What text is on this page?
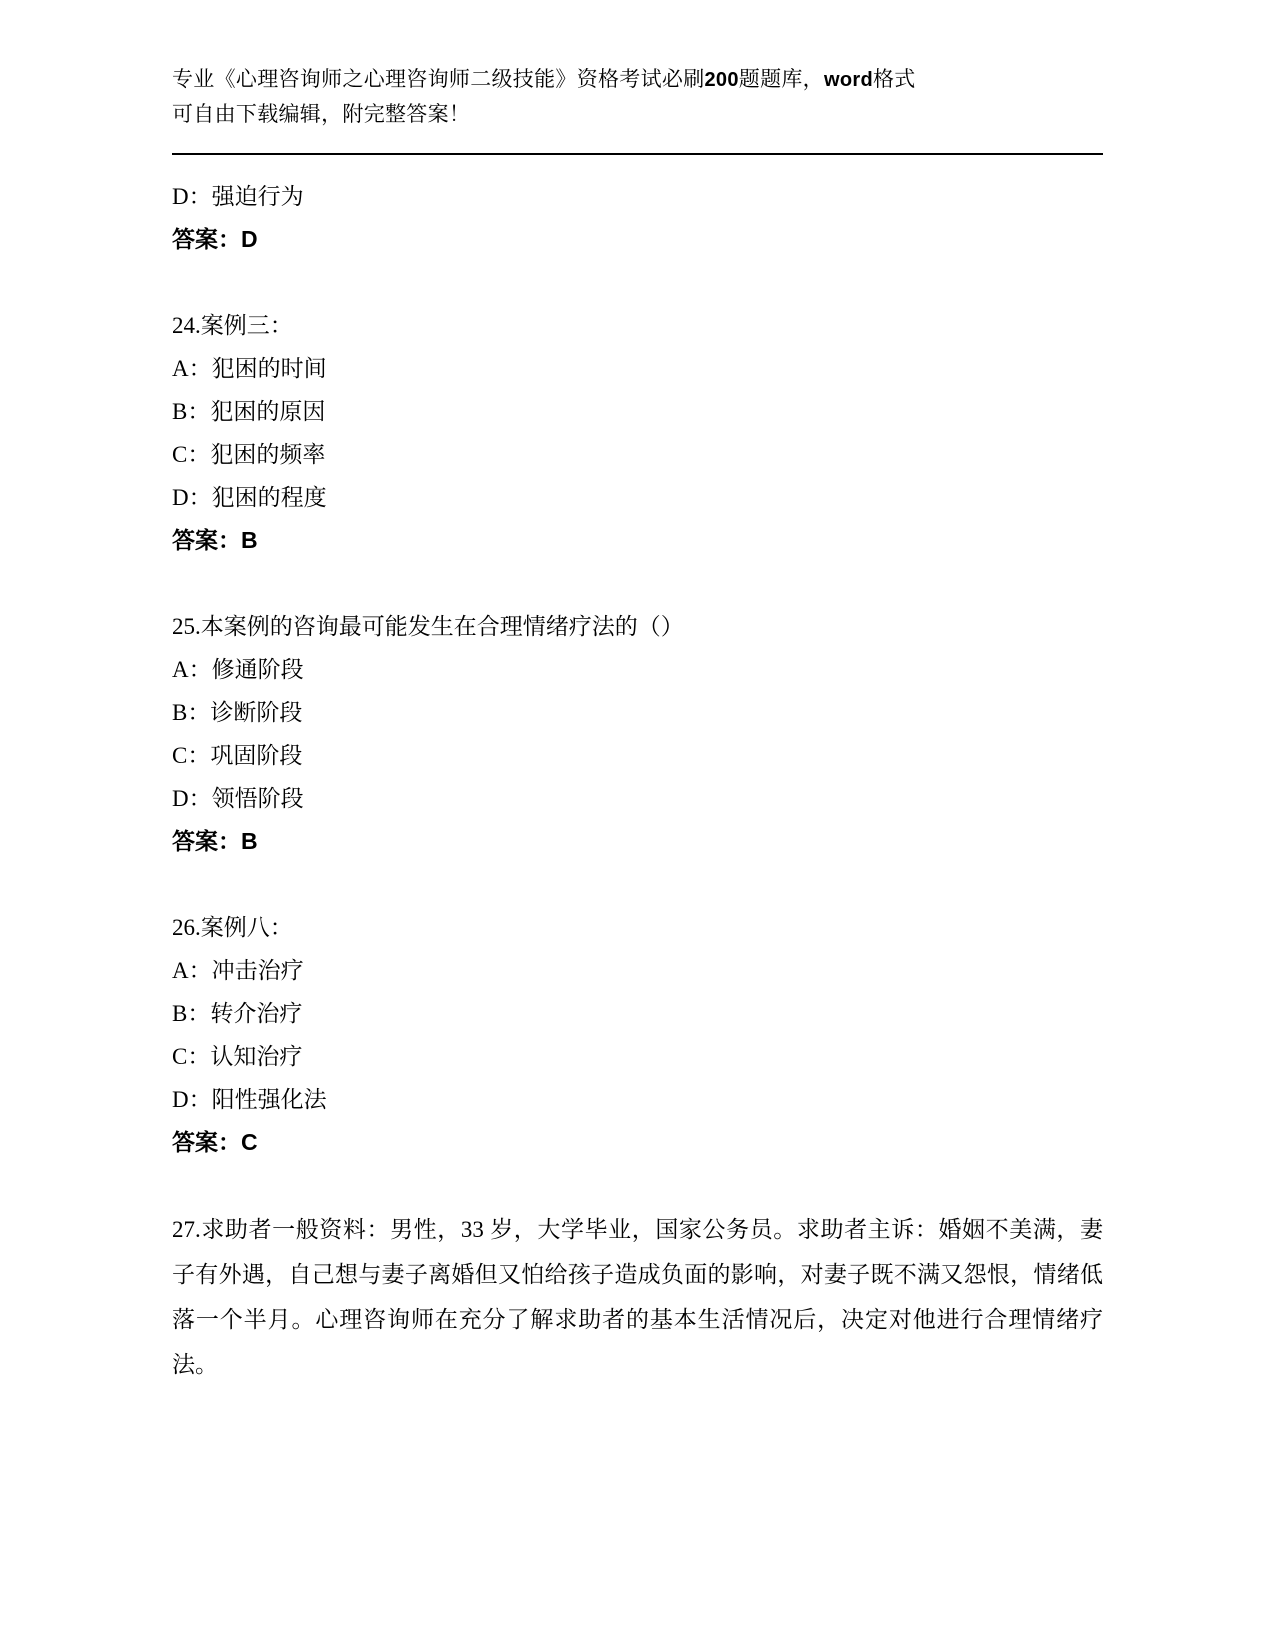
专业《心理咨询师之心理咨询师二级技能》资格考试必刷200题题库，word格式
可自由下载编辑，附完整答案！
D：强迫行为
答案：D
24.案例三：
A：犯困的时间
B：犯困的原因
C：犯困的频率
D：犯困的程度
答案：B
25.本案例的咨询最可能发生在合理情绪疗法的（）
A：修通阶段
B：诊断阶段
C：巩固阶段
D：领悟阶段
答案：B
26.案例八：
A：冲击治疗
B：转介治疗
C：认知治疗
D：阳性强化法
答案：C
27.求助者一般资料：男性，33 岁，大学毕业，国家公务员。求助者主诉：婚姻不美满，妻子有外遇，自己想与妻子离婚但又怕给孩子造成负面的影响，对妻子既不满又怨恨，情绪低落一个半月。心理咨询师在充分了解求助者的基本生活情况后，决定对他进行合理情绪疗法。
